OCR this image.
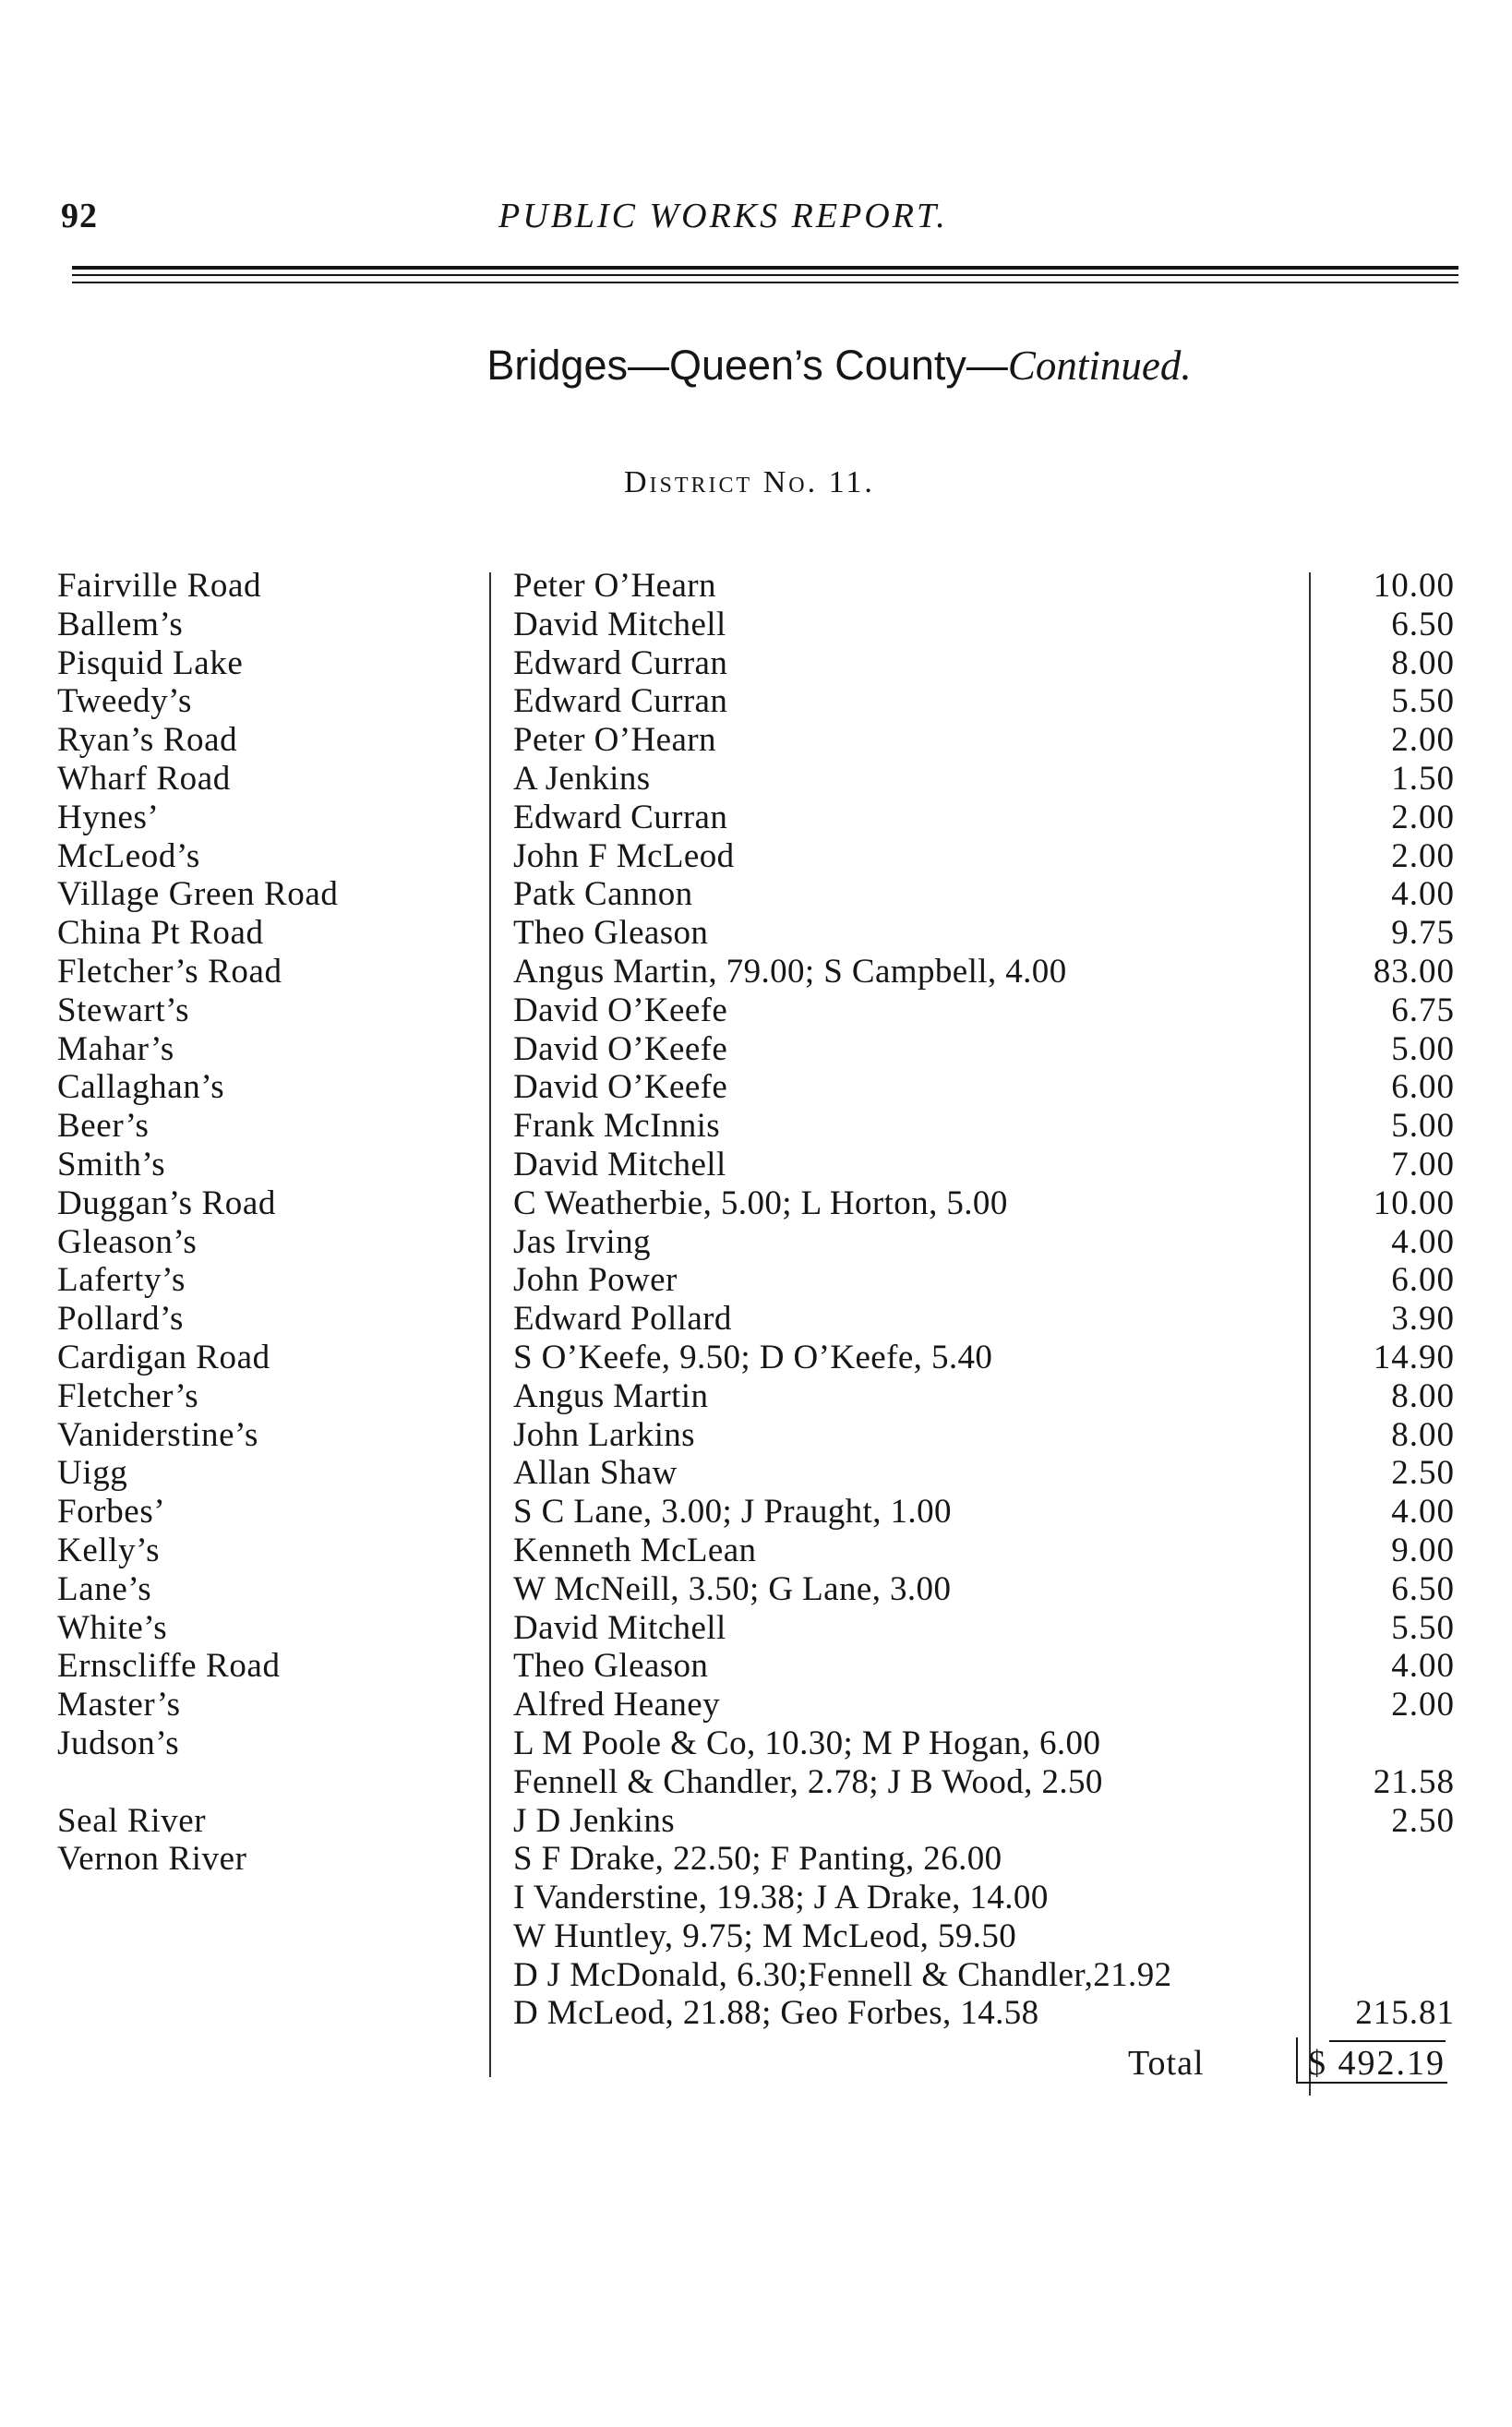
92	PUBLIC WORKS REPORT.
Bridges—Queen’s County—Continued.
District No. 11.
Fairville Road	Peter O’Hearn	10.00
Ballem’s	David Mitchell	6.50
Pisquid Lake	Edward Curran	8.00
Tweedy’s	Edward Curran	5.50
Ryan’s Road	Peter O’Hearn	2.00
Wharf Road	A Jenkins	1.50
Hynes’	Edward Curran	2.00
McLeod’s	John F McLeod	2.00
Village Green Road	Patk Cannon	4.00
China Pt Road	Theo Gleason	9.75
Fletcher’s Road	Angus Martin, 79.00; S Campbell, 4.00	83.00
Stewart’s	David O’Keefe	6.75
Mahar’s	David O’Keefe	5.00
Callaghan’s	David O’Keefe	6.00
Beer’s	Frank McInnis	5.00
Smith’s	David Mitchell	7.00
Duggan’s Road	C Weatherbie, 5.00; L Horton, 5.00	10.00
Gleason’s	Jas Irving	4.00
Laferty’s	John Power	6.00
Pollard’s	Edward Pollard	3.90
Cardigan Road	S O’Keefe, 9.50; D O’Keefe, 5.40	14.90
Fletcher’s	Angus Martin	8.00
Vaniderstine’s	John Larkins	8.00
Uigg	Allan Shaw	2.50
Forbes’	S C Lane, 3.00; J Praught, 1.00	4.00
Kelly’s	Kenneth McLean	9.00
Lane’s	W McNeill, 3.50; G Lane, 3.00	6.50
White’s	David Mitchell	5.50
Ernscliffe Road	Theo Gleason	4.00
Master’s	Alfred Heaney	2.00
Judson’s	L M Poole & Co, 10.30; M P Hogan, 6.00
Fennell & Chandler, 2.78; J B Wood, 2.50	21.58
Seal River	J D Jenkins	2.50
Vernon River	S F Drake, 22.50; F Panting, 26.00
I Vanderstine, 19.38; J A Drake, 14.00
W Huntley, 9.75; M McLeod, 59.50
D J McDonald, 6.30;Fennell & Chandler,21.92
D McLeod, 21.88; Geo Forbes, 14.58	215.81
Total	$ 492.19
